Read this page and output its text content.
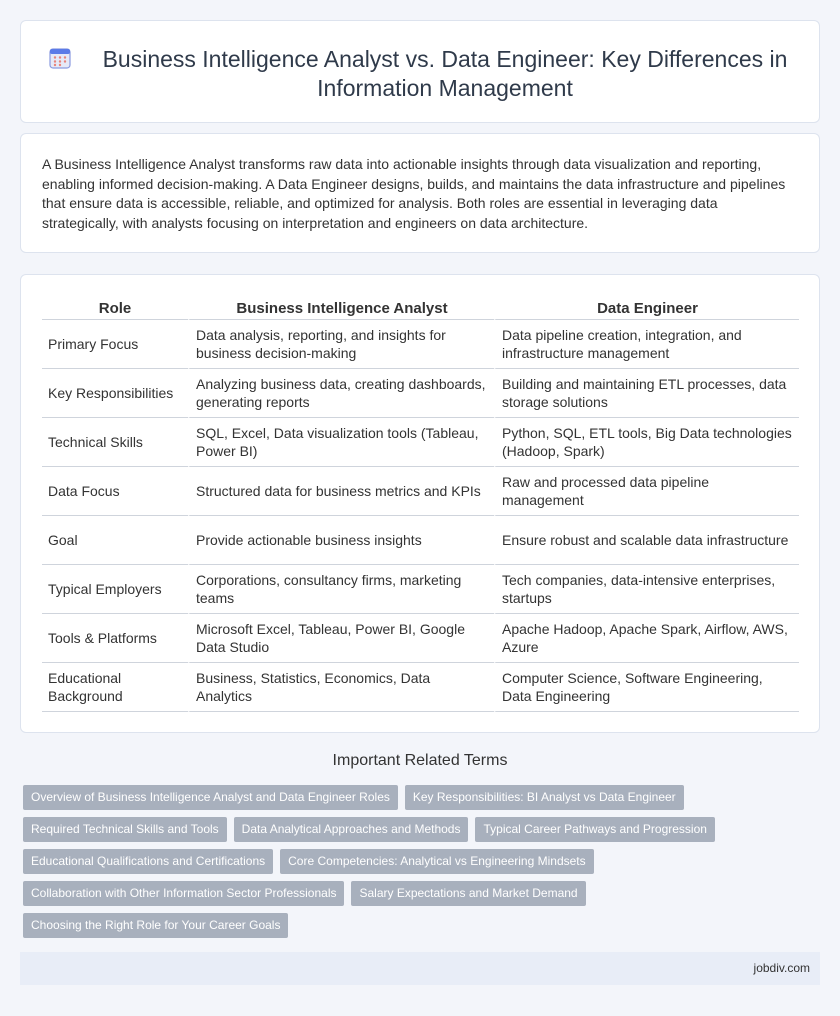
Business Intelligence Analyst vs. Data Engineer: Key Differences in Information Management

A Business Intelligence Analyst transforms raw data into actionable insights through data visualization and reporting, enabling informed decision-making. A Data Engineer designs, builds, and maintains the data infrastructure and pipelines that ensure data is accessible, reliable, and optimized for analysis. Both roles are essential in leveraging data strategically, with analysts focusing on interpretation and engineers on data architecture.

Role	Business Intelligence Analyst	Data Engineer
Primary Focus	Data analysis, reporting, and insights for business decision-making	Data pipeline creation, integration, and infrastructure management
Key Responsibilities	Analyzing business data, creating dashboards, generating reports	Building and maintaining ETL processes, data storage solutions
Technical Skills	SQL, Excel, Data visualization tools (Tableau, Power BI)	Python, SQL, ETL tools, Big Data technologies (Hadoop, Spark)
Data Focus	Structured data for business metrics and KPIs	Raw and processed data pipeline management
Goal	Provide actionable business insights	Ensure robust and scalable data infrastructure
Typical Employers	Corporations, consultancy firms, marketing teams	Tech companies, data-intensive enterprises, startups
Tools & Platforms	Microsoft Excel, Tableau, Power BI, Google Data Studio	Apache Hadoop, Apache Spark, Airflow, AWS, Azure
Educational Background	Business, Statistics, Economics, Data Analytics	Computer Science, Software Engineering, Data Engineering
Important Related Terms
Overview of Business Intelligence Analyst and Data Engineer Roles	Key Responsibilities: BI Analyst vs Data Engineer
Required Technical Skills and Tools	Data Analytical Approaches and Methods	Typical Career Pathways and Progression
Educational Qualifications and Certifications	Core Competencies: Analytical vs Engineering Mindsets
Collaboration with Other Information Sector Professionals	Salary Expectations and Market Demand
Choosing the Right Role for Your Career Goals
jobdiv.com
